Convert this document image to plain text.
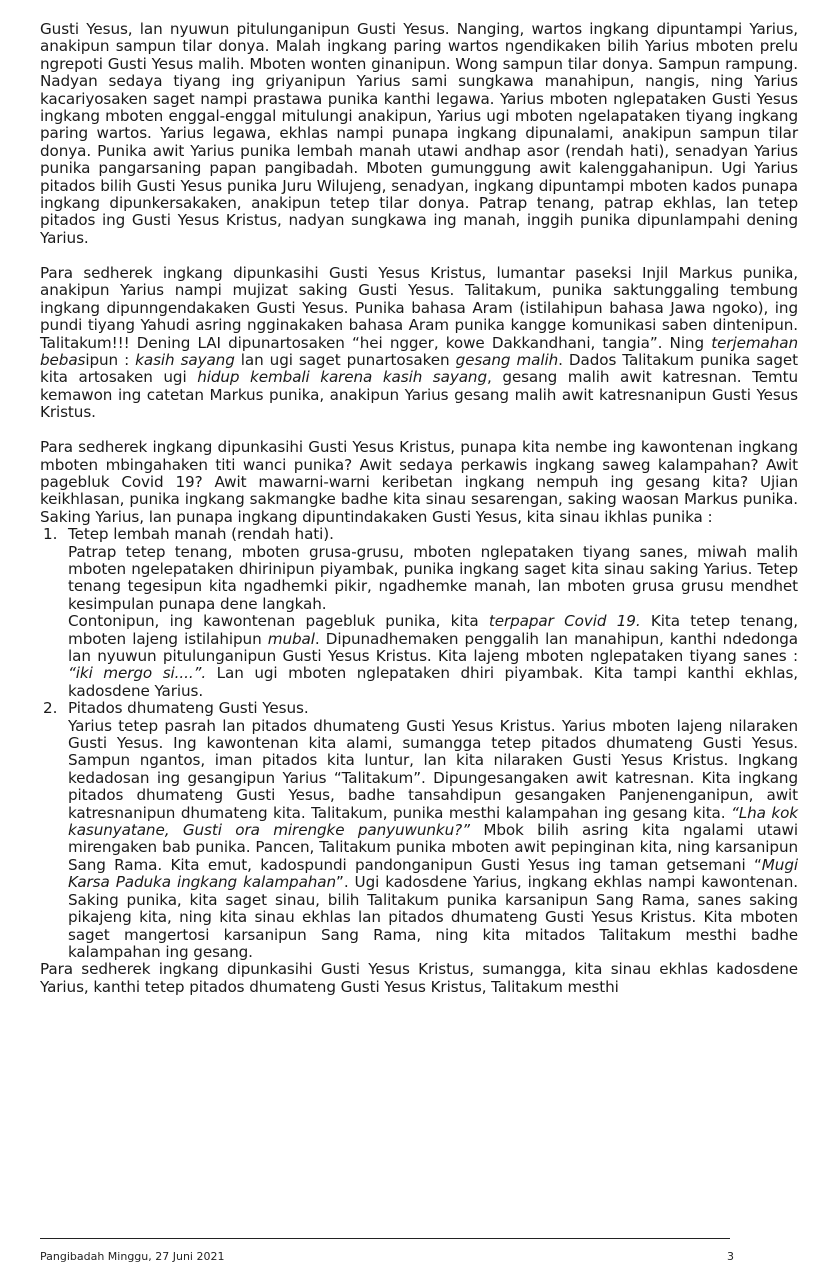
Gusti Yesus, lan nyuwun pitulunganipun Gusti Yesus. Nanging, wartos ingkang dipuntampi Yarius, anakipun sampun tilar donya. Malah ingkang paring wartos ngendikaken bilih Yarius mboten prelu ngrepoti Gusti Yesus malih. Mboten wonten ginanipun. Wong sampun tilar donya. Sampun rampung. Nadyan sedaya tiyang ing griyanipun Yarius sami sungkawa manahipun, nangis, ning Yarius kacariyosaken saget nampi prastawa punika kanthi legawa. Yarius mboten nglepataken Gusti Yesus ingkang mboten enggal-enggal mitulungi anakipun, Yarius ugi mboten ngelapataken tiyang ingkang paring wartos. Yarius legawa, ekhlas nampi punapa ingkang dipunalami, anakipun sampun tilar donya. Punika awit Yarius punika lembah manah utawi andhap asor (rendah hati), senadyan Yarius punika pangarsaning papan pangibadah. Mboten gumunggung awit kalenggahanipun. Ugi Yarius pitados bilih Gusti Yesus punika Juru Wilujeng, senadyan, ingkang dipuntampi mboten kados punapa ingkang dipunkersakaken, anakipun tetep tilar donya. Patrap tenang, patrap ekhlas, lan tetep pitados ing Gusti Yesus Kristus, nadyan sungkawa ing manah, inggih punika dipunlampahi dening Yarius.

Para sedherek ingkang dipunkasihi Gusti Yesus Kristus, lumantar paseksi Injil Markus punika, anakipun Yarius nampi mujizat saking Gusti Yesus. Talitakum, punika saktunggaling tembung ingkang dipunngendakaken Gusti Yesus. Punika bahasa Aram (istilahipun bahasa Jawa ngoko), ing pundi tiyang Yahudi asring ngginakaken bahasa Aram punika kangge komunikasi saben dintenipun. Talitakum!!! Dening LAI dipunartosaken “hei ngger, kowe Dakkandhani, tangia”. Ning terjemahan bebasipun : kasih sayang lan ugi saget punartosaken gesang malih. Dados Talitakum punika saget kita artosaken ugi hidup kembali karena kasih sayang, gesang malih awit katresnan. Temtu kemawon ing catetan Markus punika, anakipun Yarius gesang malih awit katresnanipun Gusti Yesus Kristus.

Para sedherek ingkang dipunkasihi Gusti Yesus Kristus, punapa kita nembe ing kawontenan ingkang mboten mbingahaken titi wanci punika? Awit sedaya perkawis ingkang saweg kalampahan? Awit pagebluk Covid 19? Awit mawarni-warni keribetan ingkang nempuh ing gesang kita? Ujian keikhlasan, punika ingkang sakmangke badhe kita sinau sesarengan, saking waosan Markus punika. Saking Yarius, lan punapa ingkang dipuntindakaken Gusti Yesus, kita sinau ikhlas punika :

1. Tetep lembah manah (rendah hati).

Patrap tetep tenang, mboten grusa-grusu, mboten nglepataken tiyang sanes, miwah malih mboten ngelepataken dhirinipun piyambak, punika ingkang saget kita sinau saking Yarius. Tetep tenang tegesipun kita ngadhemki pikir, ngadhemke manah, lan mboten grusa grusu mendhet kesimpulan punapa dene langkah.

Contonipun, ing kawontenan pagebluk punika, kita terpapar Covid 19. Kita tetep tenang, mboten lajeng istilahipun mubal. Dipunadhemaken penggalih lan manahipun, kanthi ndedonga lan nyuwun pitulunganipun Gusti Yesus Kristus. Kita lajeng mboten nglepataken tiyang sanes : “iki mergo si....”. Lan ugi mboten nglepataken dhiri piyambak. Kita tampi kanthi ekhlas, kadosdene Yarius.

2. Pitados dhumateng Gusti Yesus.

Yarius tetep pasrah lan pitados dhumateng Gusti Yesus Kristus. Yarius mboten lajeng nilaraken Gusti Yesus. Ing kawontenan kita alami, sumangga tetep pitados dhumateng Gusti Yesus. Sampun ngantos, iman pitados kita luntur, lan kita nilaraken Gusti Yesus Kristus. Ingkang kedadosan ing gesangipun Yarius “Talitakum”. Dipungesangaken awit katresnan. Kita ingkang pitados dhumateng Gusti Yesus, badhe tansahdipun gesangaken Panjenenganipun, awit katresnanipun dhumateng kita. Talitakum, punika mesthi kalampahan ing gesang kita. “Lha kok kasunyatane, Gusti ora mirengke panyuwunku?” Mbok bilih asring kita ngalami utawi mirengaken bab punika. Pancen, Talitakum punika mboten awit pepinginan kita, ning karsanipun Sang Rama. Kita emut, kadospundi pandonganipun Gusti Yesus ing taman getsemani “Mugi Karsa Paduka ingkang kalampahan”. Ugi kadosdene Yarius, ingkang ekhlas nampi kawontenan. Saking punika, kita saget sinau, bilih Talitakum punika karsanipun Sang Rama, sanes saking pikajeng kita, ning kita sinau ekhlas lan pitados dhumateng Gusti Yesus Kristus. Kita mboten saget mangertosi karsanipun Sang Rama, ning kita mitados Talitakum mesthi badhe kalampahan ing gesang.

Para sedherek ingkang dipunkasihi Gusti Yesus Kristus, sumangga, kita sinau ekhlas kadosdene Yarius, kanthi tetep pitados dhumateng Gusti Yesus Kristus, Talitakum mesthi

Pangibadah Minggu, 27 Juni 2021	3
